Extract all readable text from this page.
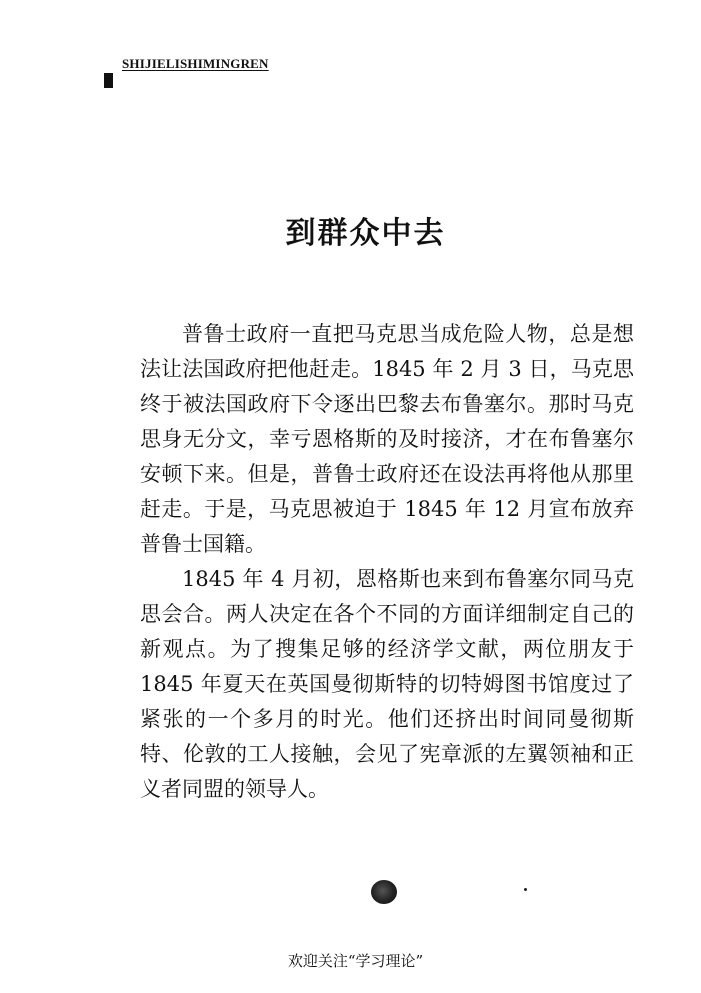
SHIJIELISHIMINGREN
到群众中去

普鲁士政府一直把马克思当成危险人物，总是想法让法国政府把他赶走。1845 年 2 月 3 日，马克思终于被法国政府下令逐出巴黎去布鲁塞尔。那时马克思身无分文，幸亏恩格斯的及时接济，才在布鲁塞尔安顿下来。但是，普鲁士政府还在设法再将他从那里赶走。于是，马克思被迫于 1845 年 12 月宣布放弃普鲁士国籍。

1845 年 4 月初，恩格斯也来到布鲁塞尔同马克思会合。两人决定在各个不同的方面详细制定自己的新观点。为了搜集足够的经济学文献，两位朋友于 1845 年夏天在英国曼彻斯特的切特姆图书馆度过了紧张的一个多月的时光。他们还挤出时间同曼彻斯特、伦敦的工人接触，会见了宪章派的左翼领袖和正义者同盟的领导人。

欢迎关注“学习理论”
